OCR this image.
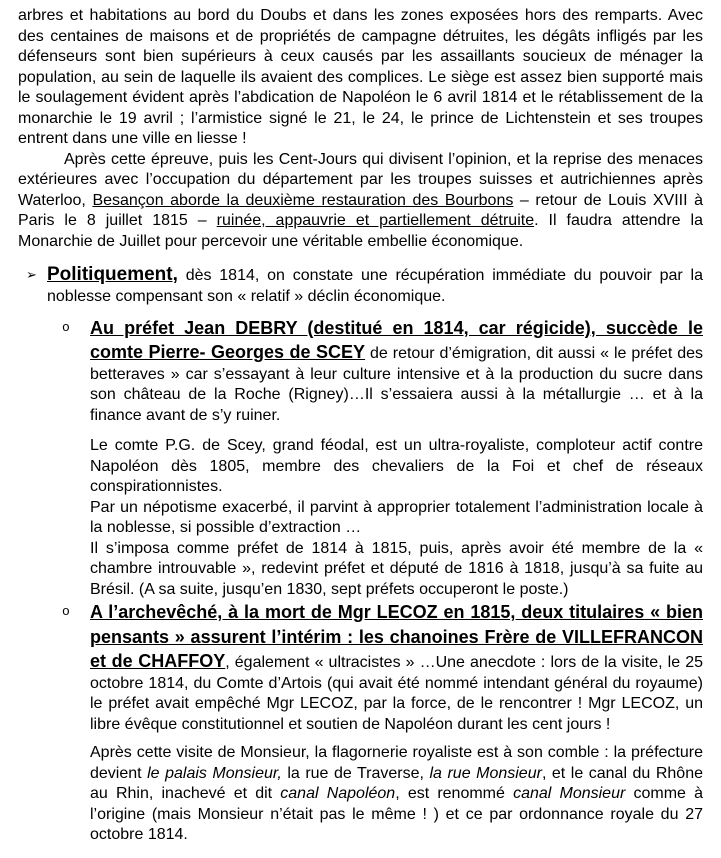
arbres et habitations au bord du Doubs et dans les zones exposées hors des remparts. Avec des centaines de maisons et de propriétés de campagne détruites, les dégâts infligés par les défenseurs sont bien supérieurs à ceux causés par les assaillants soucieux de ménager la population, au sein de laquelle ils avaient des complices. Le siège est assez bien supporté mais le soulagement évident après l’abdication de Napoléon le 6 avril 1814 et le rétablissement de la monarchie le 19 avril ; l’armistice signé le 21, le 24, le prince de Lichtenstein et ses troupes entrent dans une ville en liesse !

Après cette épreuve, puis les Cent-Jours qui divisent l’opinion, et la reprise des menaces extérieures avec l’occupation du département par les troupes suisses et autrichiennes après Waterloo, Besançon aborde la deuxième restauration des Bourbons – retour de Louis XVIII à Paris le 8 juillet 1815 – ruinée, appauvrie et partiellement détruite. Il faudra attendre la Monarchie de Juillet pour percevoir une véritable embellie économique.

➢ Politiquement, dès 1814, on constate une récupération immédiate du pouvoir par la noblesse compensant son « relatif » déclin économique.

o	Au préfet Jean DEBRY (destitué en 1814, car régicide), succède le comte Pierre- Georges de SCEY de retour d’émigration, dit aussi « le préfet des betteraves » car s’essayant à leur culture intensive et à la production du sucre dans son château de la Roche (Rigney)…Il s’essaiera aussi à la métallurgie … et à la finance avant de s’y ruiner.

Le comte P.G. de Scey, grand féodal, est un ultra-royaliste, comploteur actif contre Napoléon dès 1805, membre des chevaliers de la Foi et chef de réseaux conspirationnistes.

Par un népotisme exacerbé, il parvint à approprier totalement l’administration locale à la noblesse, si possible d’extraction …

Il s’imposa comme préfet de 1814 à 1815, puis, après avoir été membre de la « chambre introuvable », redevint préfet et député de 1816 à 1818, jusqu’à sa fuite au Brésil. (A sa suite, jusqu’en 1830, sept préfets occuperont le poste.)

o	A l’archevêché, à la mort de Mgr LECOZ en 1815, deux titulaires « bien pensants » assurent l’intérim : les chanoines Frère de VILLEFRANCON et de CHAFFOY, également « ultracistes » …Une anecdote : lors de la visite, le 25 octobre 1814, du Comte d’Artois (qui avait été nommé intendant général du royaume) le préfet avait empêché Mgr LECOZ, par la force, de le rencontrer ! Mgr LECOZ, un libre évêque constitutionnel et soutien de Napoléon durant les cent jours !

Après cette visite de Monsieur, la flagornerie royaliste est à son comble : la préfecture devient le palais Monsieur, la rue de Traverse, la rue Monsieur, et le canal du Rhône au Rhin, inachevé et dit canal Napoléon, est renommé canal Monsieur comme à l’origine (mais Monsieur n’était pas le même ! ) et ce par ordonnance royale du 27 octobre 1814.
